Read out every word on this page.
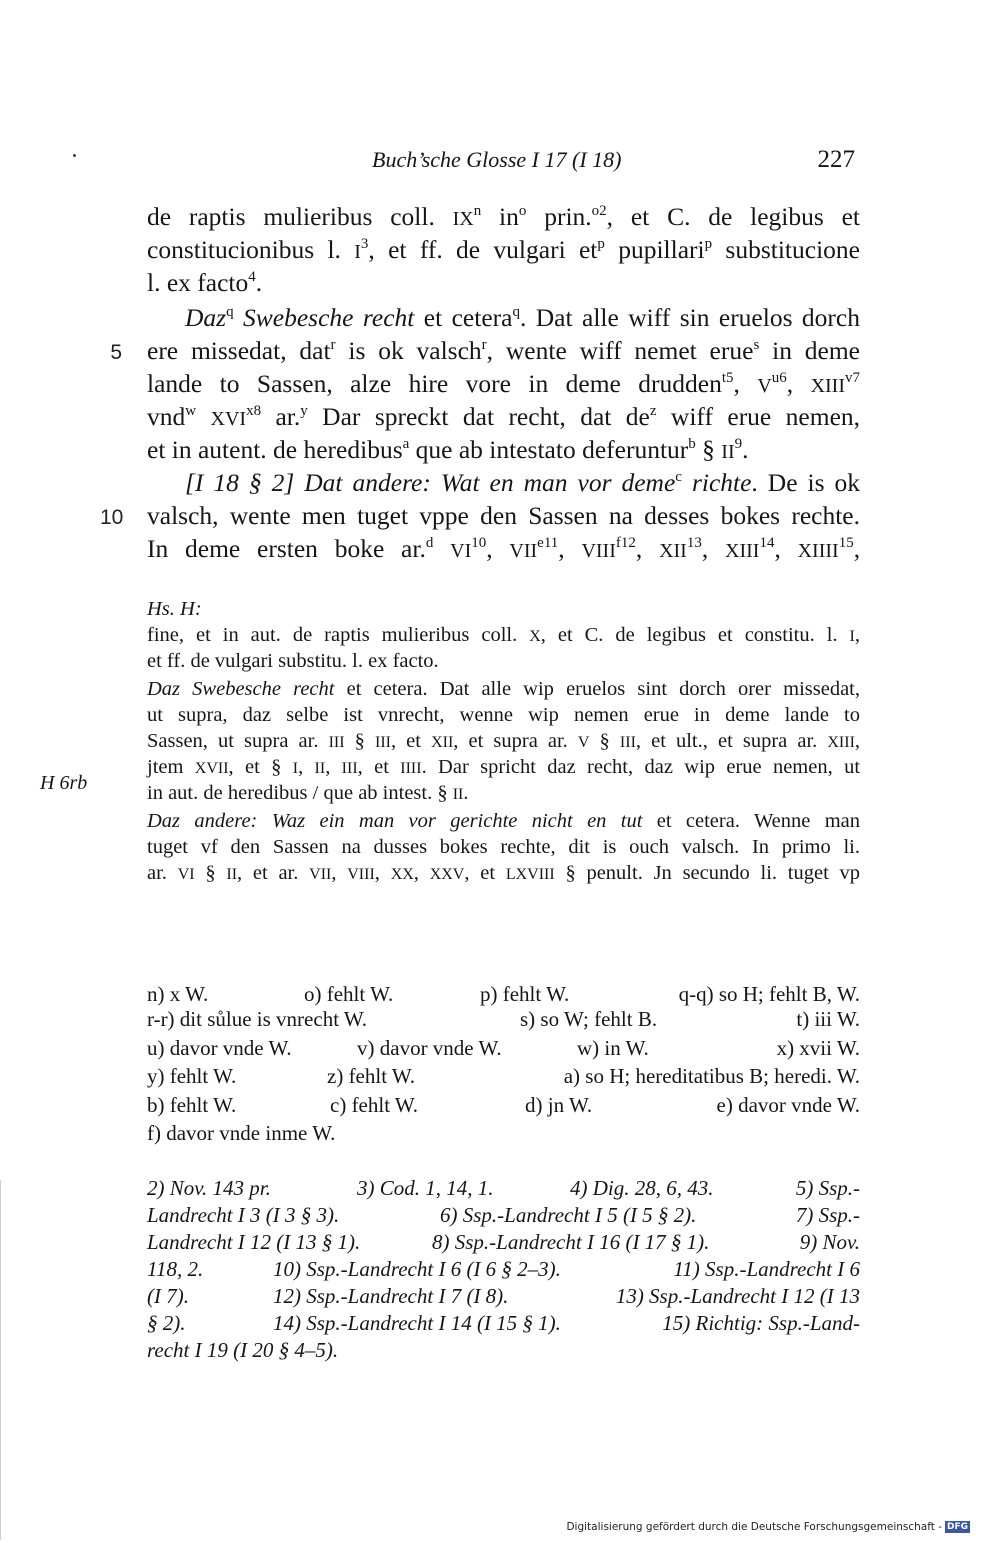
Buch’sche Glosse I 17 (I 18)	227
de raptis mulieribus coll. $IX^n$ $in^o$ prin.$^{o2}$, et C. de legibus et
constitucionibus l. $I^3$, et ff. de vulgari $et^p$ pupillari$^p$ substitucione
l. ex facto$^4$.
Daz$^q$ Swebesche recht et cetera$^q$. Dat alle wiff sin eruelos dorch
ere missedat, dat$^r$ is ok valsch$^r$, wente wiff nemet erue$^s$ in deme
lande to Sassen, alze hire vore in deme drudden$^{t5}$, $V^{u6}$, $XIII^{v7}$
vnd$^w$ $XVI^{x8}$ ar.$^y$ Dar spreckt dat recht, dat $de^z$ wiff erue nemen,
et in autent. de heredibus$^a$ que ab intestato deferuntur$^b$ § $II^9$.
[I 18 § 2] Dat andere: Wat en man vor deme$^c$ richte. De is ok
valsch, wente men tuget vppe den Sassen na desses bokes rechte.
In deme ersten boke ar.$^d$ VI$^{10}$, $VII^{e11}$, $VIII^{f12}$, XII$^{13}$, XIII$^{14}$, XIIII$^{15}$,
5
10
Hs. H:
fine, et in aut. de raptis mulieribus coll. X, et C. de legibus et constitu. l. I,
et ff. de vulgari substitu. l. ex facto.
Daz Swebesche recht et cetera. Dat alle wip eruelos sint dorch orer missedat,
ut supra, daz selbe ist vnrecht, wenne wip nemen erue in deme lande to
Sassen, ut supra ar. III § III, et XII, et supra ar. V § III, et ult., et supra ar. XIII,
jtem XVII, et § I, II, III, et IIII. Dar spricht daz recht, daz wip erue nemen, ut
in aut. de heredibus / que ab intest. § II.
Daz andere: Waz ein man vor gerichte nicht en tut et cetera. Wenne man
tuget vf den Sassen na dusses bokes rechte, dit is ouch valsch. In primo li.
ar. VI § II, et ar. VII, VIII, XX, XXV, et LXVIII § penult. Jn secundo li. tuget vp
H 6rb
n) x W.	o) fehlt W.	p) fehlt W.	q-q) so H; fehlt B, W.
r-r) dit sůlue is vnrecht W.	s) so W; fehlt B.	t) iii W.
u) davor vnde W.	v) davor vnde W.	w) in W.	x) xvii W.
y) fehlt W.	z) fehlt W.	a) so H; hereditatibus B; heredi. W.
b) fehlt W.	c) fehlt W.	d) jn W.	e) davor vnde W.
f) davor vnde inme W.
2) Nov. 143 pr.	3) Cod. 1, 14, 1.	4) Dig. 28, 6, 43.	5) Ssp.-
Landrecht I 3 (I 3 § 3).	6) Ssp.-Landrecht I 5 (I 5 § 2).	7) Ssp.-
Landrecht I 12 (I 13 § 1).	8) Ssp.-Landrecht I 16 (I 17 § 1).	9) Nov.
118, 2.	10) Ssp.-Landrecht I 6 (I 6 § 2–3).	11) Ssp.-Landrecht I 6
(I 7).	12) Ssp.-Landrecht I 7 (I 8).	13) Ssp.-Landrecht I 12 (I 13
§ 2).	14) Ssp.-Landrecht I 14 (I 15 § 1).	15) Richtig: Ssp.-Land-
recht I 19 (I 20 § 4–5).
Digitalisierung gefördert durch die Deutsche Forschungsgemeinschaft - DFG
